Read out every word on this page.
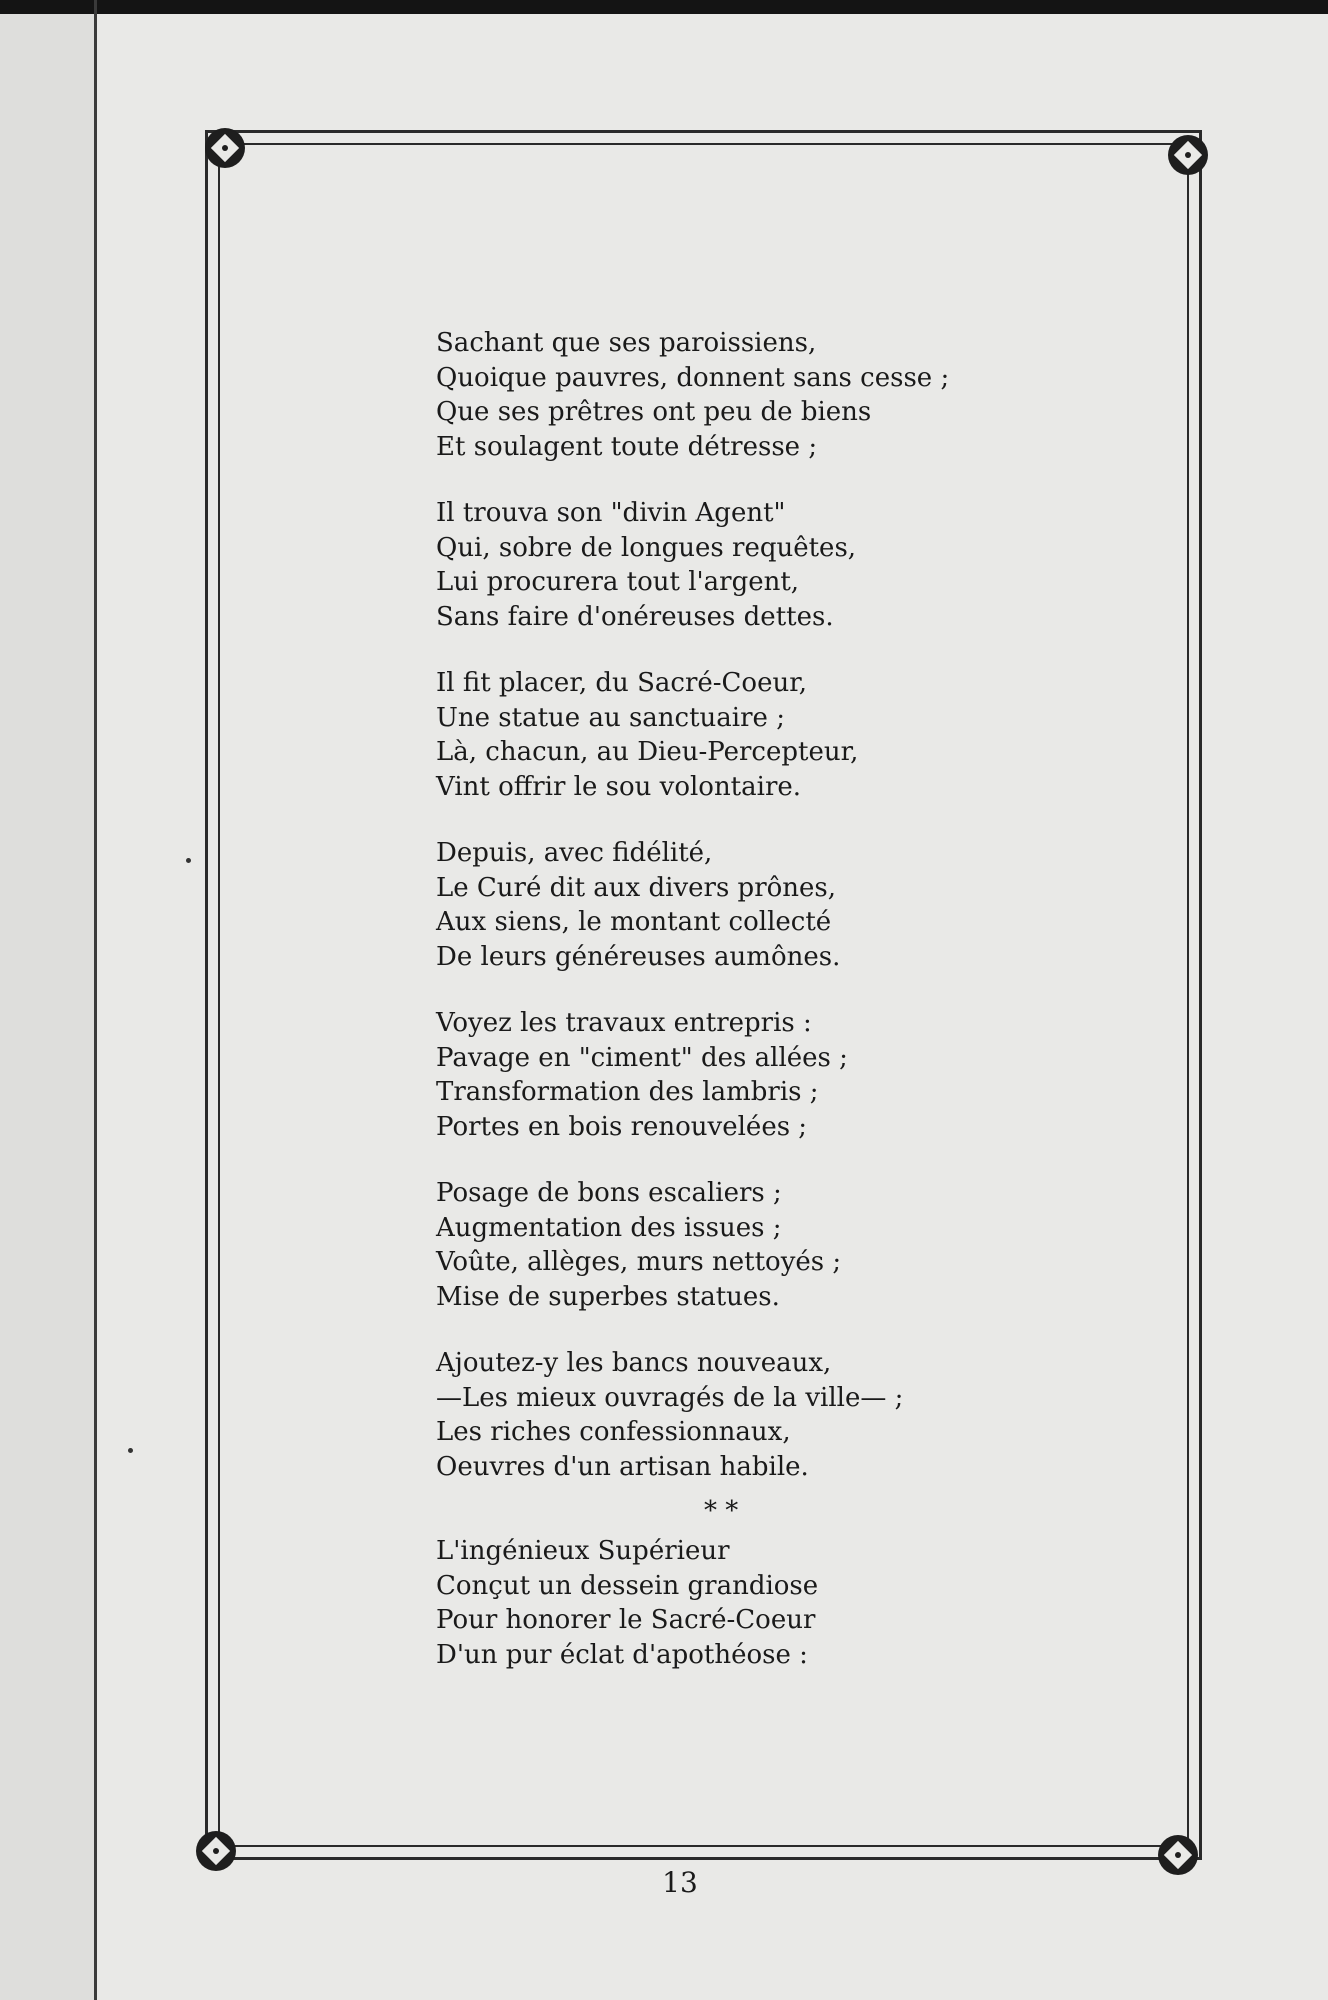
Sachant que ses paroissiens,
Quoique pauvres, donnent sans cesse ;
Que ses prêtres ont peu de biens
Et soulagent toute détresse ;
Il trouva son "divin Agent"
Qui, sobre de longues requêtes,
Lui procurera tout l'argent,
Sans faire d'onéreuses dettes.
Il fit placer, du Sacré-Coeur,
Une statue au sanctuaire ;
Là, chacun, au Dieu-Percepteur,
Vint offrir le sou volontaire.
Depuis, avec fidélité,
Le Curé dit aux divers prônes,
Aux siens, le montant collecté
De leurs généreuses aumônes.
Voyez les travaux entrepris :
Pavage en "ciment" des allées ;
Transformation des lambris ;
Portes en bois renouvelées ;
Posage de bons escaliers ;
Augmentation des issues ;
Voûte, allèges, murs nettoyés ;
Mise de superbes statues.
Ajoutez-y les bancs nouveaux,
—Les mieux ouvragés de la ville— ;
Les riches confessionnaux,
Oeuvres d'un artisan habile.
* *
L'ingénieux Supérieur
Conçut un dessein grandiose
Pour honorer le Sacré-Coeur
D'un pur éclat d'apothéose :
13
